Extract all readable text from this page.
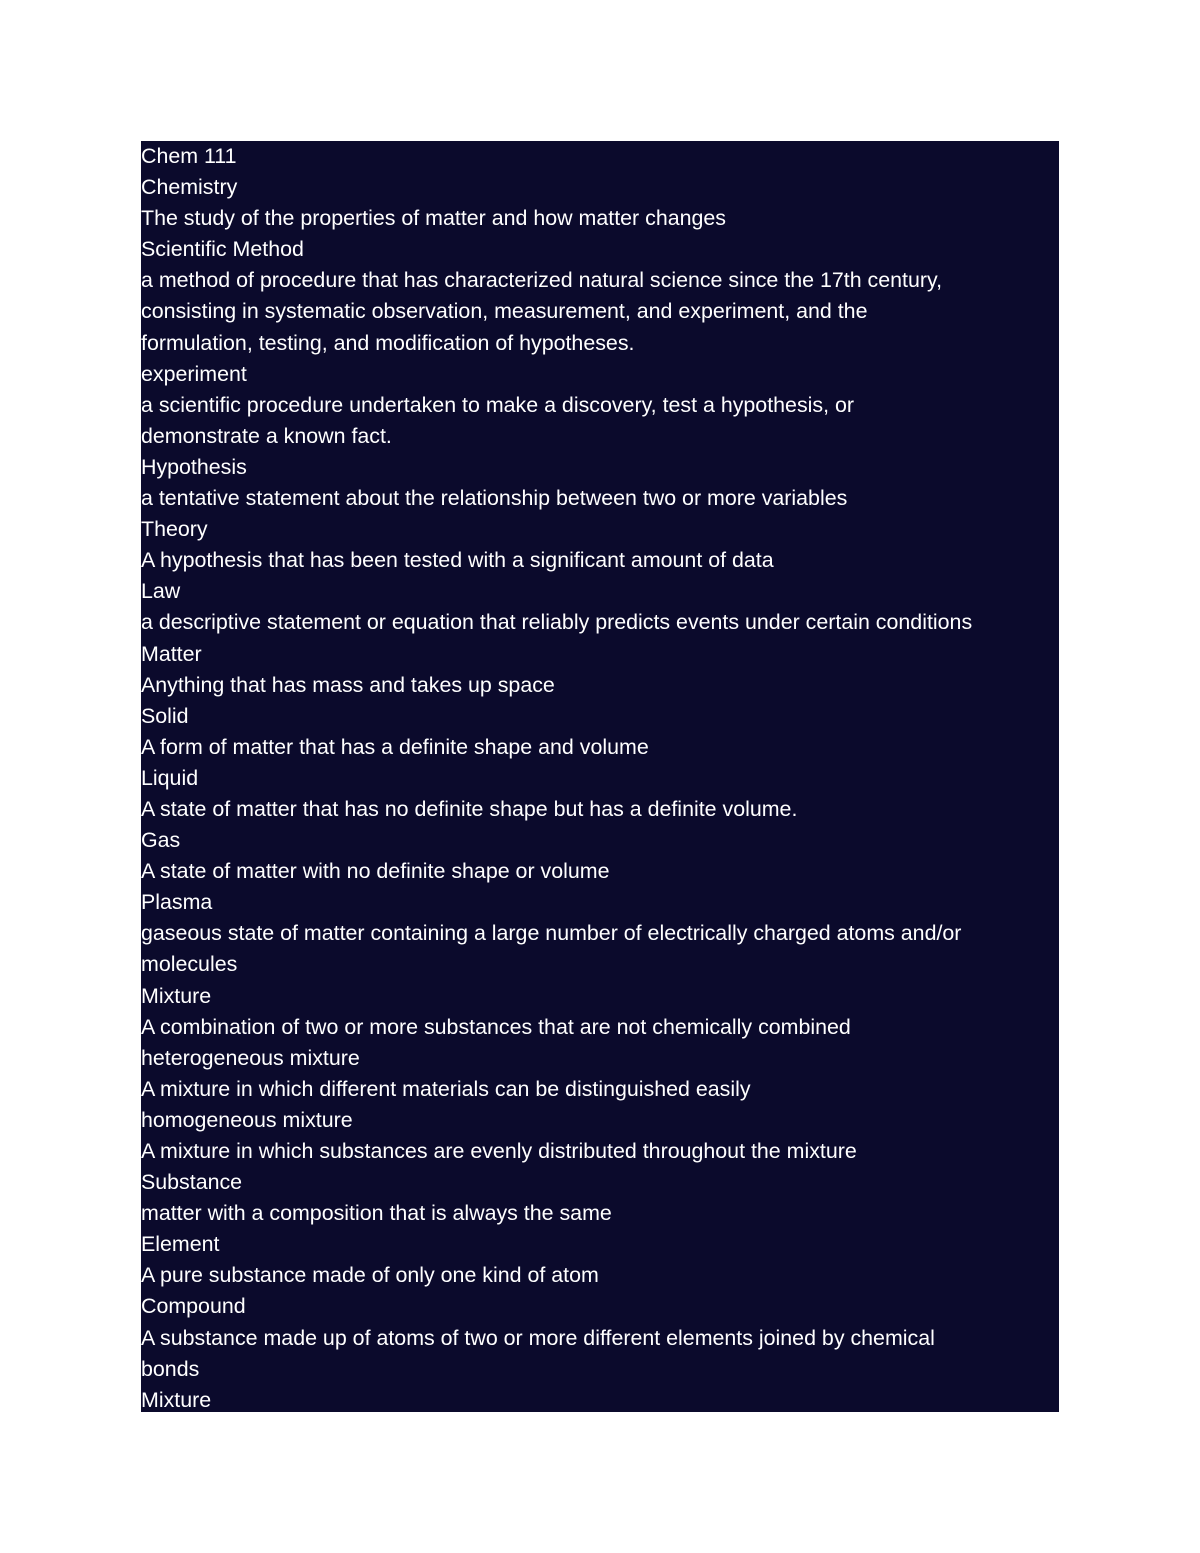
Chem 111
Chemistry
The study of the properties of matter and how matter changes
Scientific Method
a method of procedure that has characterized natural science since the 17th century,
consisting in systematic observation, measurement, and experiment, and the
formulation, testing, and modification of hypotheses.
experiment
a scientific procedure undertaken to make a discovery, test a hypothesis, or
demonstrate a known fact.
Hypothesis
a tentative statement about the relationship between two or more variables
Theory
A hypothesis that has been tested with a significant amount of data
Law
a descriptive statement or equation that reliably predicts events under certain conditions
Matter
Anything that has mass and takes up space
Solid
A form of matter that has a definite shape and volume
Liquid
A state of matter that has no definite shape but has a definite volume.
Gas
A state of matter with no definite shape or volume
Plasma
gaseous state of matter containing a large number of electrically charged atoms and/or
molecules
Mixture
A combination of two or more substances that are not chemically combined
heterogeneous mixture
A mixture in which different materials can be distinguished easily
homogeneous mixture
A mixture in which substances are evenly distributed throughout the mixture
Substance
matter with a composition that is always the same
Element
A pure substance made of only one kind of atom
Compound
A substance made up of atoms of two or more different elements joined by chemical
bonds
Mixture
